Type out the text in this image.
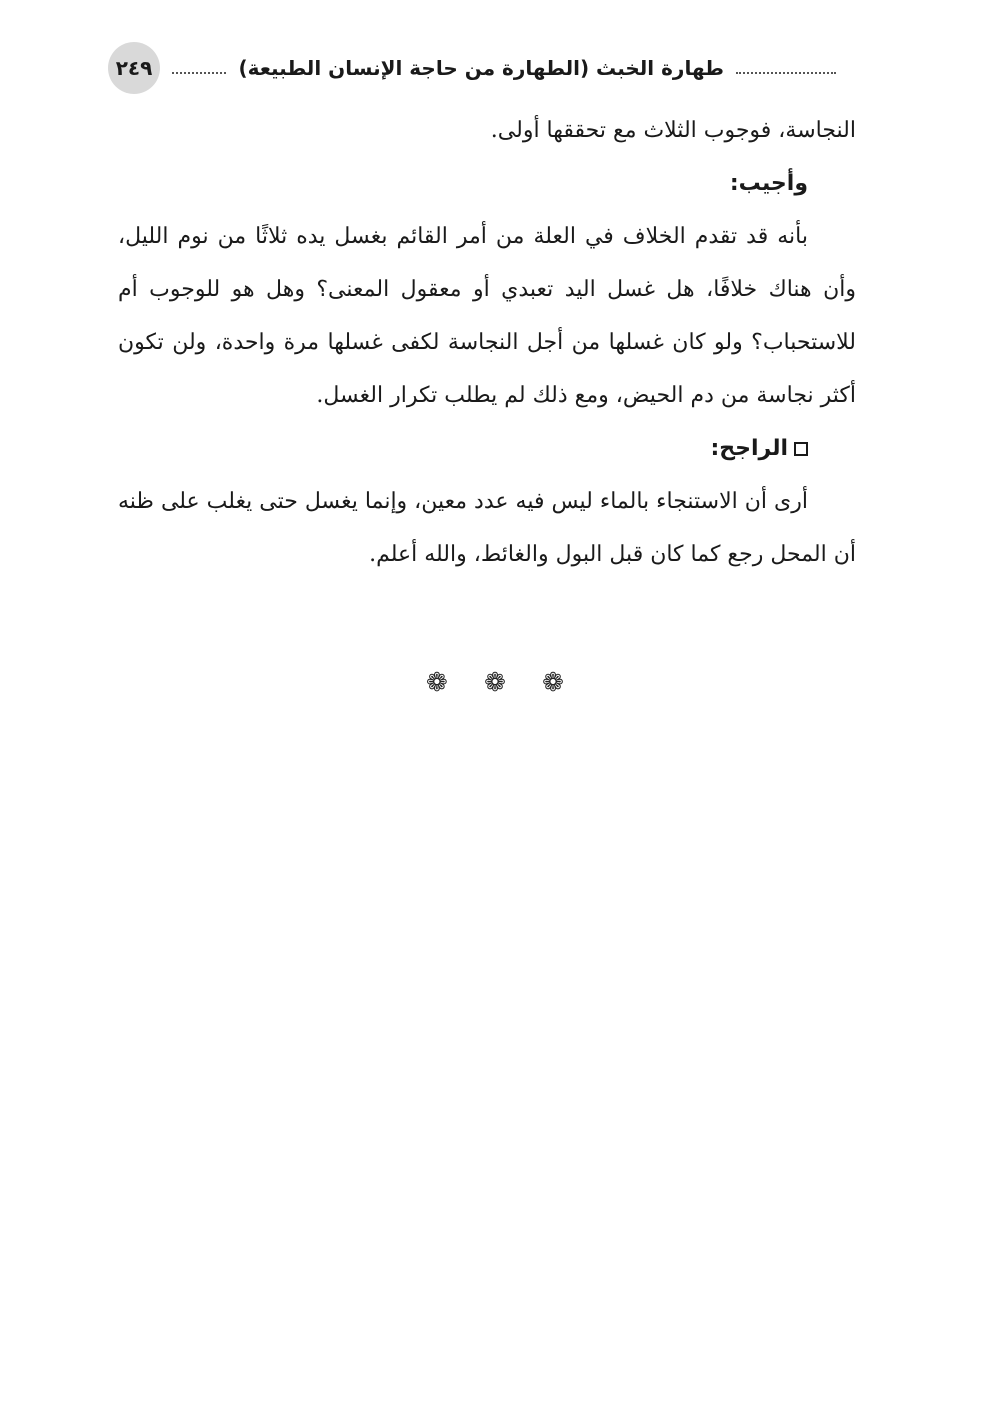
طهارة الخبث (الطهارة من حاجة الإنسان الطبيعة)
٢٤٩

النجاسة، فوجوب الثلاث مع تحققها أولى.

وأجيب:

بأنه قد تقدم الخلاف في العلة من أمر القائم بغسل يده ثلاثًا من نوم الليل، وأن هناك خلافًا، هل غسل اليد تعبدي أو معقول المعنى؟ وهل هو للوجوب أم للاستحباب؟ ولو كان غسلها من أجل النجاسة لكفى غسلها مرة واحدة، ولن تكون أكثر نجاسة من دم الحيض، ومع ذلك لم يطلب تكرار الغسل.

الراجح:

أرى أن الاستنجاء بالماء ليس فيه عدد معين، وإنما يغسل حتى يغلب على ظنه أن المحل رجع كما كان قبل البول والغائط، والله أعلم.

❁ ❁ ❁
